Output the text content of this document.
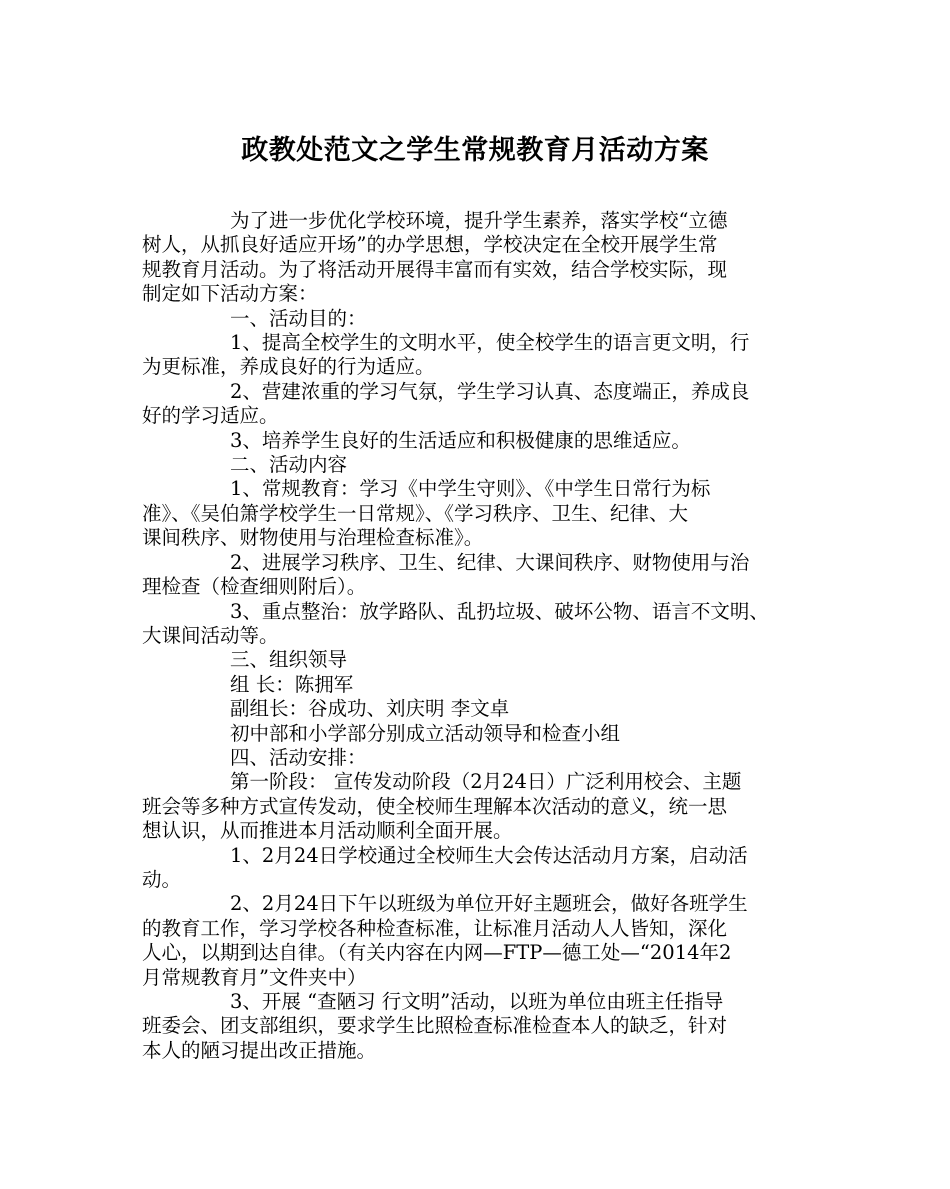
政教处范文之学生常规教育月活动方案

为了进一步优化学校环境，提升学生素养，落实学校“立德

树人，从抓良好适应开场”的办学思想，学校决定在全校开展学生常

规教育月活动。为了将活动开展得丰富而有实效，结合学校实际，现

制定如下活动方案：

一、活动目的：

1、提高全校学生的文明水平，使全校学生的语言更文明，行

为更标准，养成良好的行为适应。

2、营建浓重的学习气氛，学生学习认真、态度端正，养成良

好的学习适应。

3、培养学生良好的生活适应和积极健康的思维适应。

二、活动内容

1、常规教育：学习《中学生守则》、《中学生日常行为标

准》、《吴伯箫学校学生一日常规》、《学习秩序、卫生、纪律、大

课间秩序、财物使用与治理检查标准》。

2、进展学习秩序、卫生、纪律、大课间秩序、财物使用与治

理检查（检查细则附后）。

3、重点整治：放学路队、乱扔垃圾、破坏公物、语言不文明、

大课间活动等。

三、组织领导

组 长：陈拥军

副组长：谷成功、刘庆明 李文卓

初中部和小学部分别成立活动领导和检查小组

四、活动安排：

第一阶段： 宣传发动阶段（2月24日）广泛利用校会、主题

班会等多种方式宣传发动，使全校师生理解本次活动的意义，统一思

想认识，从而推进本月活动顺利全面开展。

1、2月24日学校通过全校师生大会传达活动月方案，启动活

动。

2、2月24日下午以班级为单位开好主题班会，做好各班学生

的教育工作，学习学校各种检查标准，让标准月活动人人皆知，深化

人心，以期到达自律。（有关内容在内网—FTP—德工处—“2014年2

月常规教育月”文件夹中）

3、开展 “查陋习 行文明”活动，以班为单位由班主任指导

班委会、团支部组织，要求学生比照检查标准检查本人的缺乏，针对

本人的陋习提出改正措施。
